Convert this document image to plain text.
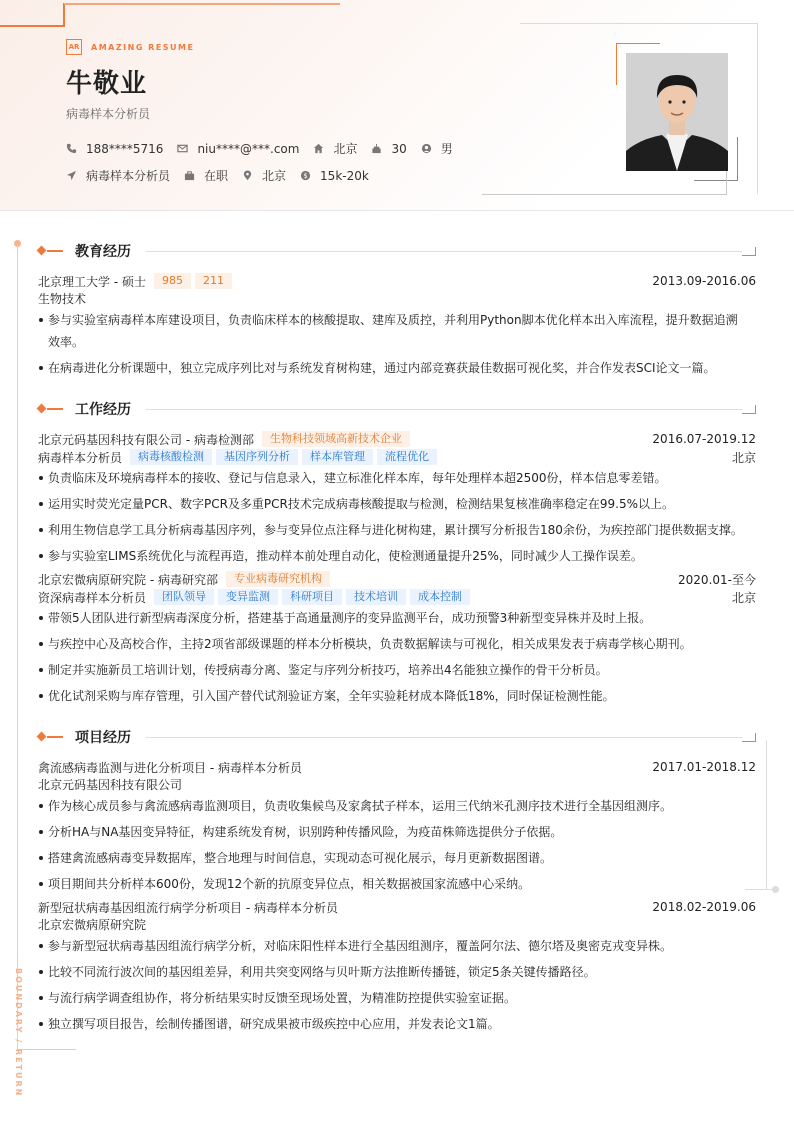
AR	AMAZING RESUME
牛敬业
病毒样本分析员
188****5716	niu****@***.com	北京	30	男
病毒样本分析员	在职	北京 $ 15k-20k
BOUNDARY / RETURN
教育经历
北京理工大学 - 硕士	985	211	2013.09-2016.06
生物技术
参与实验室病毒样本库建设项目，负责临床样本的核酸提取、建库及质控，并利用Python脚本优化样本出入库流程，提升数据追溯效率。
在病毒进化分析课题中，独立完成序列比对与系统发育树构建，通过内部竞赛获最佳数据可视化奖，并合作发表SCI论文一篇。
工作经历
北京元码基因科技有限公司 - 病毒检测部	生物科技领域高新技术企业	2016.07-2019.12
病毒样本分析员	病毒核酸检测	基因序列分析	样本库管理	流程优化	北京
负责临床及环境病毒样本的接收、登记与信息录入，建立标准化样本库，每年处理样本超2500份，样本信息零差错。
运用实时荧光定量PCR、数字PCR及多重PCR技术完成病毒核酸提取与检测，检测结果复核准确率稳定在99.5%以上。
利用生物信息学工具分析病毒基因序列，参与变异位点注释与进化树构建，累计撰写分析报告180余份，为疾控部门提供数据支撑。
参与实验室LIMS系统优化与流程再造，推动样本前处理自动化，使检测通量提升25%，同时减少人工操作误差。
北京宏微病原研究院 - 病毒研究部	专业病毒研究机构	2020.01-至今
资深病毒样本分析员	团队领导	变异监测	科研项目	技术培训	成本控制	北京
带领5人团队进行新型病毒深度分析，搭建基于高通量测序的变异监测平台，成功预警3种新型变异株并及时上报。
与疾控中心及高校合作，主持2项省部级课题的样本分析模块，负责数据解读与可视化，相关成果发表于病毒学核心期刊。
制定并实施新员工培训计划，传授病毒分离、鉴定与序列分析技巧，培养出4名能独立操作的骨干分析员。
优化试剂采购与库存管理，引入国产替代试剂验证方案，全年实验耗材成本降低18%，同时保证检测性能。
项目经历
禽流感病毒监测与进化分析项目 - 病毒样本分析员	2017.01-2018.12
北京元码基因科技有限公司
作为核心成员参与禽流感病毒监测项目，负责收集候鸟及家禽拭子样本，运用三代纳米孔测序技术进行全基因组测序。
分析HA与NA基因变异特征，构建系统发育树，识别跨种传播风险，为疫苗株筛选提供分子依据。
搭建禽流感病毒变异数据库，整合地理与时间信息，实现动态可视化展示，每月更新数据图谱。
项目期间共分析样本600份，发现12个新的抗原变异位点，相关数据被国家流感中心采纳。
新型冠状病毒基因组流行病学分析项目 - 病毒样本分析员	2018.02-2019.06
北京宏微病原研究院
参与新型冠状病毒基因组流行病学分析，对临床阳性样本进行全基因组测序，覆盖阿尔法、德尔塔及奥密克戎变异株。
比较不同流行波次间的基因组差异，利用共突变网络与贝叶斯方法推断传播链，锁定5条关键传播路径。
与流行病学调查组协作，将分析结果实时反馈至现场处置，为精准防控提供实验室证据。
独立撰写项目报告，绘制传播图谱，研究成果被市级疾控中心应用，并发表论文1篇。
